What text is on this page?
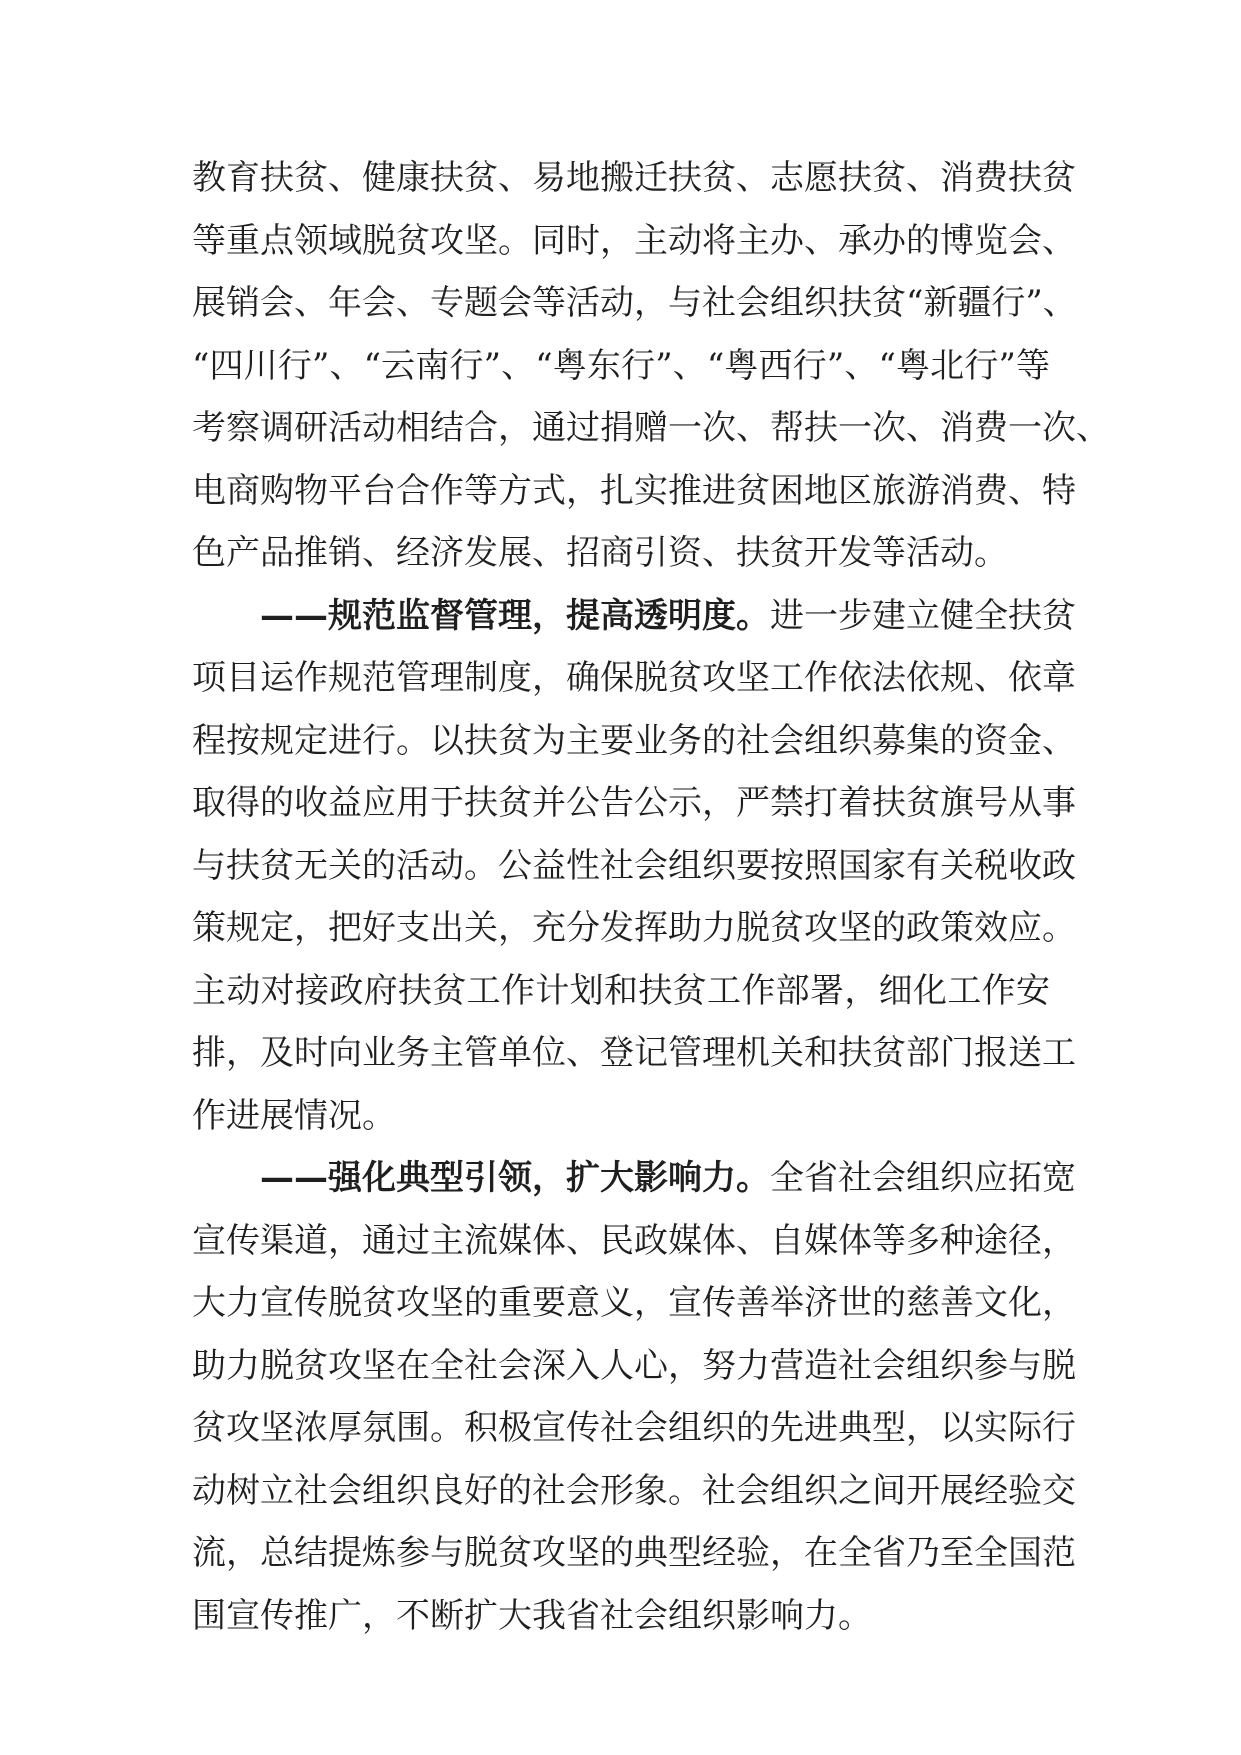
教育扶贫、健康扶贫、易地搬迁扶贫、志愿扶贫、消费扶贫
等重点领域脱贫攻坚。同时，主动将主办、承办的博览会、
展销会、年会、专题会等活动，与社会组织扶贫“新疆行”、
“四川行”、“云南行”、“粤东行”、“粤西行”、“粤北行”等
考察调研活动相结合，通过捐赠一次、帮扶一次、消费一次、
电商购物平台合作等方式，扎实推进贫困地区旅游消费、特
色产品推销、经济发展、招商引资、扶贫开发等活动。
——规范监督管理，提高透明度。进一步建立健全扶贫
项目运作规范管理制度，确保脱贫攻坚工作依法依规、依章
程按规定进行。以扶贫为主要业务的社会组织募集的资金、
取得的收益应用于扶贫并公告公示，严禁打着扶贫旗号从事
与扶贫无关的活动。公益性社会组织要按照国家有关税收政
策规定，把好支出关，充分发挥助力脱贫攻坚的政策效应。
主动对接政府扶贫工作计划和扶贫工作部署，细化工作安
排，及时向业务主管单位、登记管理机关和扶贫部门报送工
作进展情况。
——强化典型引领，扩大影响力。全省社会组织应拓宽
宣传渠道，通过主流媒体、民政媒体、自媒体等多种途径，
大力宣传脱贫攻坚的重要意义，宣传善举济世的慈善文化，
助力脱贫攻坚在全社会深入人心，努力营造社会组织参与脱
贫攻坚浓厚氛围。积极宣传社会组织的先进典型，以实际行
动树立社会组织良好的社会形象。社会组织之间开展经验交
流，总结提炼参与脱贫攻坚的典型经验，在全省乃至全国范
围宣传推广，不断扩大我省社会组织影响力。
